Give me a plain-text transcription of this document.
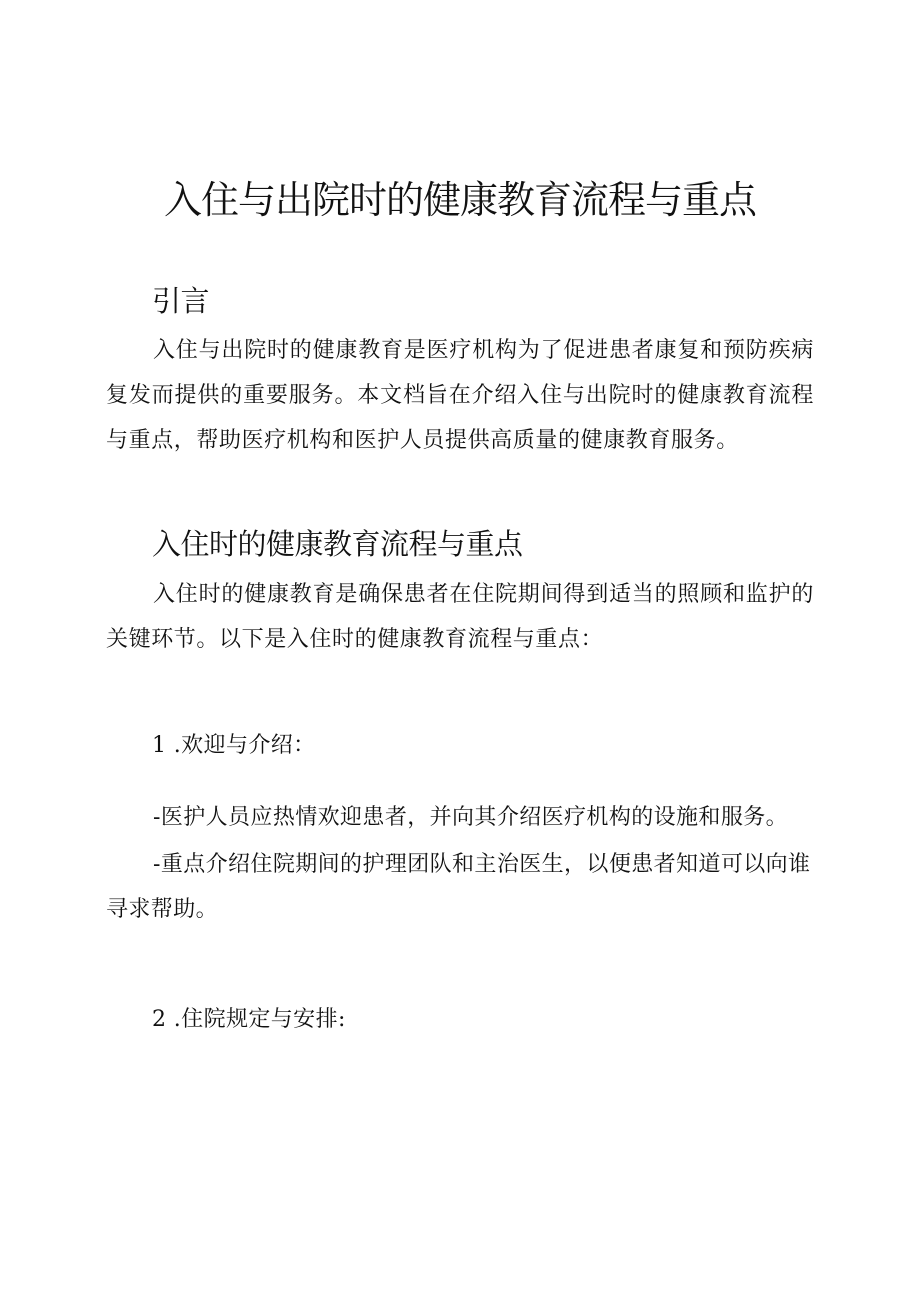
入住与出院时的健康教育流程与重点
引言

入住与出院时的健康教育是医疗机构为了促进患者康复和预防疾病复发而提供的重要服务。本文档旨在介绍入住与出院时的健康教育流程与重点，帮助医疗机构和医护人员提供高质量的健康教育服务。

入住时的健康教育流程与重点

入住时的健康教育是确保患者在住院期间得到适当的照顾和监护的关键环节。以下是入住时的健康教育流程与重点：

1 .欢迎与介绍：

-医护人员应热情欢迎患者，并向其介绍医疗机构的设施和服务。

-重点介绍住院期间的护理团队和主治医生，以便患者知道可以向谁寻求帮助。

2 .住院规定与安排:
